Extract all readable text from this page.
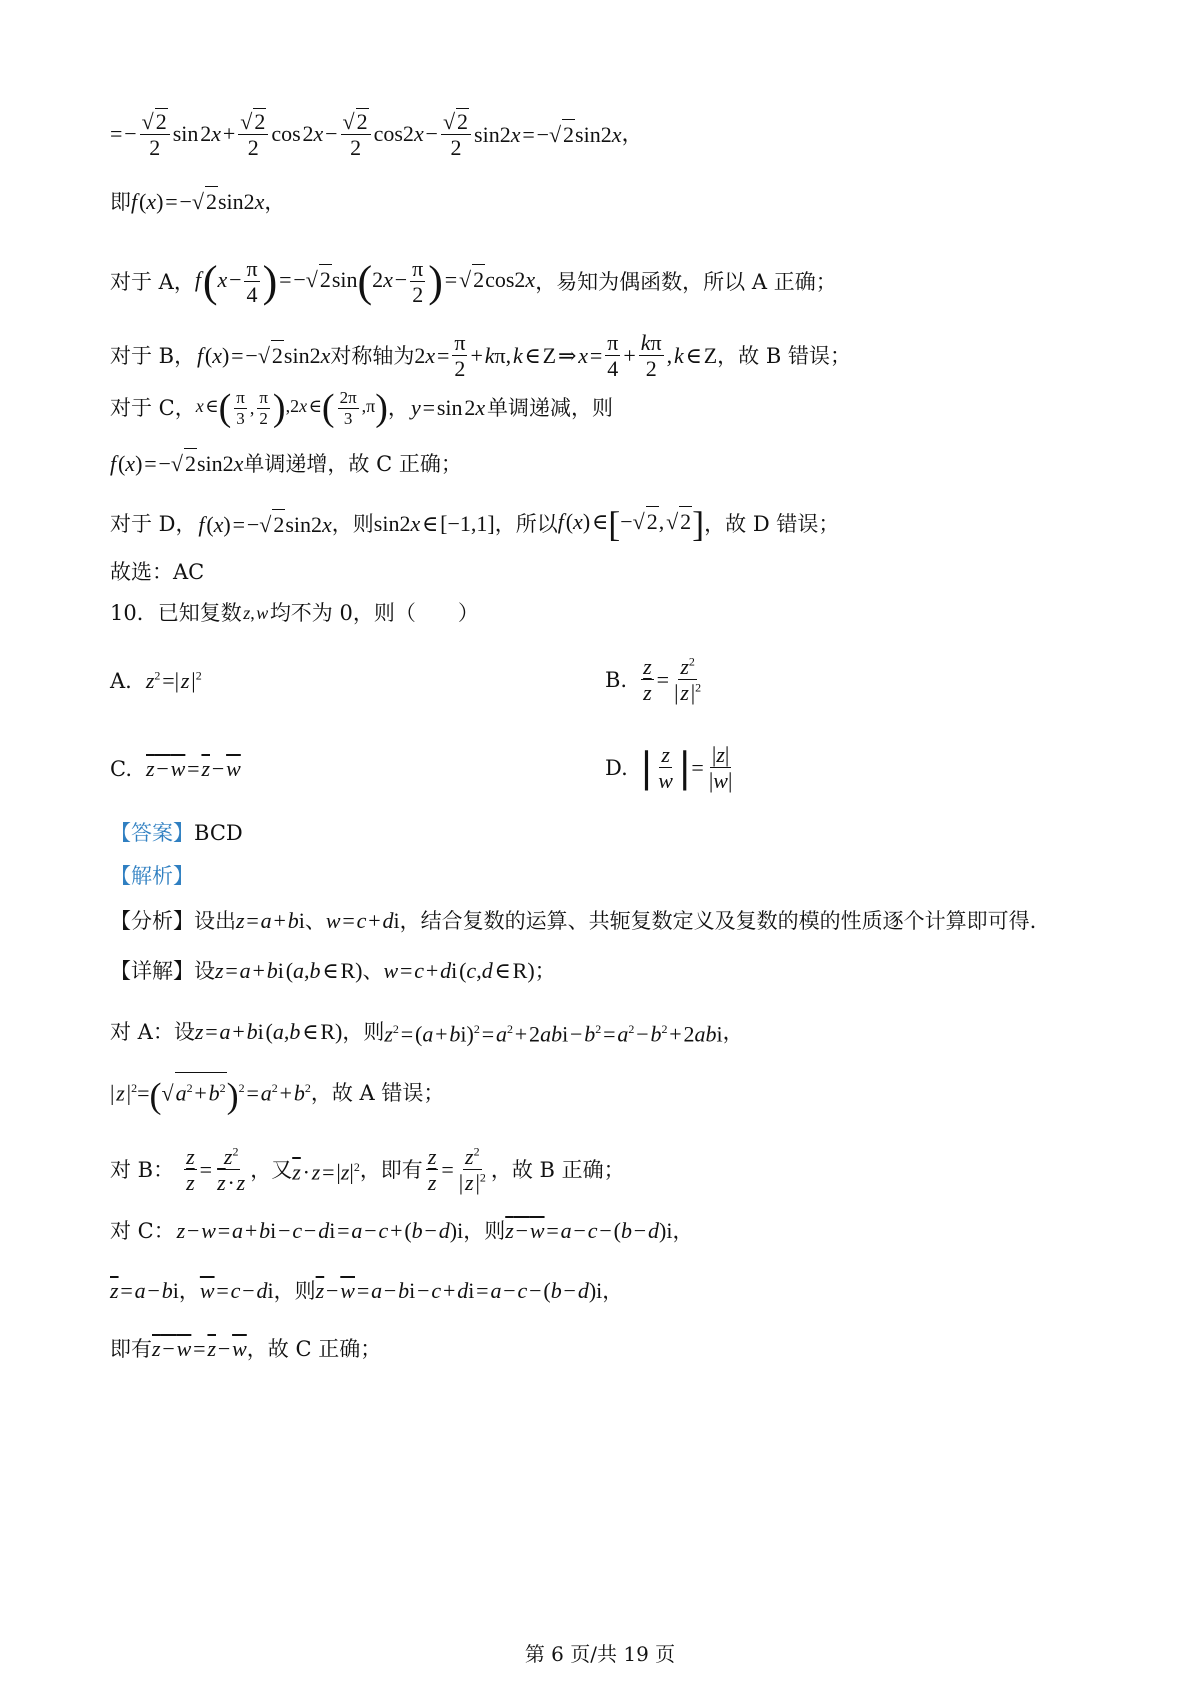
= − $\frac{√2}{2}$ sin 2x + $\frac{√2}{2}$ cos 2x − $\frac{√2}{2} \cos 2x$ − $\frac{√2}{2} \sin 2x$ = −√2sin2x ，
即 f (x) = −√2sin2x ，
对于 A， f (x − $\frac{\pi}{4}$ ) = −√2sin(2x − $\frac{\pi}{2}$ ) = √2cos2x ，易知为偶函数，所以 A 正确；
对于 B，
  f (x) = −√2sin2x 对称轴为 2x = $\frac{\pi}{2}$ + kπ, k ∈ Z ⇒ x = $\frac{\pi}{4} + \frac{k\pi}{2}$ , k ∈ Z ，故 B 错误；
对于 C， x ∈( $\frac{\pi}{3}$ , $\frac{\pi}{2} ),2x$ ∈( $\frac{2\pi}{3} ,\pi$) ，  y = sin 2x  单调递减，则
f (x) = −√2sin2x 单调递增，故 C 正确；
对于 D，
  f (x) = −√2sin2x ，则 sin2x ∈ [−1,1] ，所以 f (x) ∈[−√2, √2] ，故 D 错误；
故选：AC
10．已知复数
  z, w  均不为 0，则（　　）
A. $z^2$ =| z $|^2$	B. $\frac{z}{z} = \frac{z^2}{| z |^2}$
C. z − w = $\overline{z}$ − $\overline{w}$	D. | $\frac{z}{w}$ | = $\frac{|z|}{|w|}$
【答案】 BCD
【解析】
【分析】 设出 z = a + bi 、 w = c + di ，结合复数的运算、共轭复数定义及复数的模的性质逐个计算即可得.
【详解】 设 z = a + bi (a,b ∈ R) 、 w = c + di (c,d ∈ R) ；
对 A：设 z = a + bi (a,b ∈ R) ，则 $z^2$ = (a + bi)$^2$ = $a^2$ + 2abi − $b^2$ = $a^2$ − $b^2$ + 2abi ，
| z $|^2=(√a^2$ + $b^2)^2$ = $a^2$ + $b^2$ ，故 A 错误；
对 B： $\frac{z}{z} = \frac{z^2}{\overline{z} \cdot z}$ ，又 $\overline{z}$ · z = $|z|^2$ ，即有 $\frac{z}{z} = \frac{z^2}{| z |^2}$ ，故 B 正确；
对 C：
  z − w = a + bi − c − di = a − c + (b − d)i ，则 z − w = a − c − (b − d)i ，
$\overline{z}$ = a − bi ， $\overline{w}$ = c − di ，则 $\overline{z}$ − $\overline{w}$ = a − bi − c + di = a − c − (b − d)i ，
即有 z − w = $\overline{z}$ − $\overline{w}$ ，故 C 正确；
第 6 页/共 19 页
